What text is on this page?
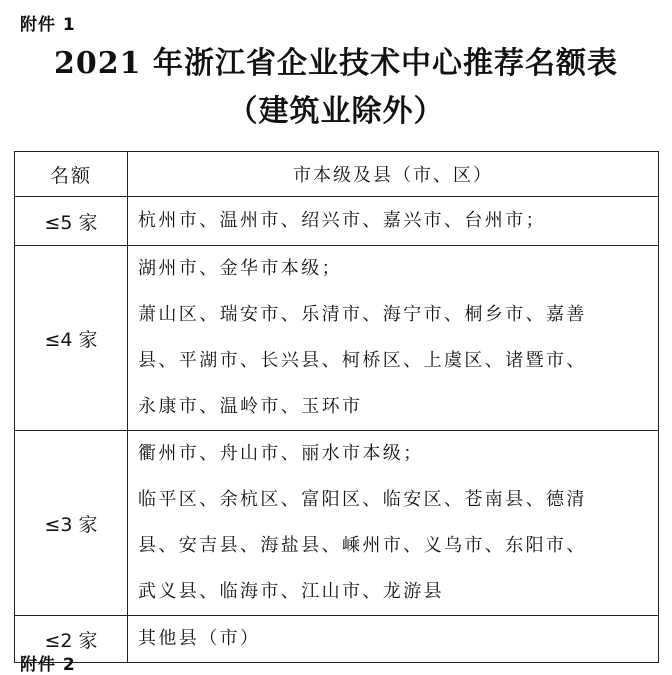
附件 1
2021 年浙江省企业技术中心推荐名额表
（建筑业除外）
名额	市本级及县（市、区）
≤5 家	杭州市、温州市、绍兴市、嘉兴市、台州市；

≤4 家	湖州市、金华市本级；
萧山区、瑞安市、乐清市、海宁市、桐乡市、嘉善
县、平湖市、长兴县、柯桥区、上虞区、诸暨市、
永康市、温岭市、玉环市

≤3 家	衢州市、舟山市、丽水市本级；
临平区、余杭区、富阳区、临安区、苍南县、德清
县、安吉县、海盐县、嵊州市、义乌市、东阳市、
武义县、临海市、江山市、龙游县

≤2 家	其他县（市）
附件 2
